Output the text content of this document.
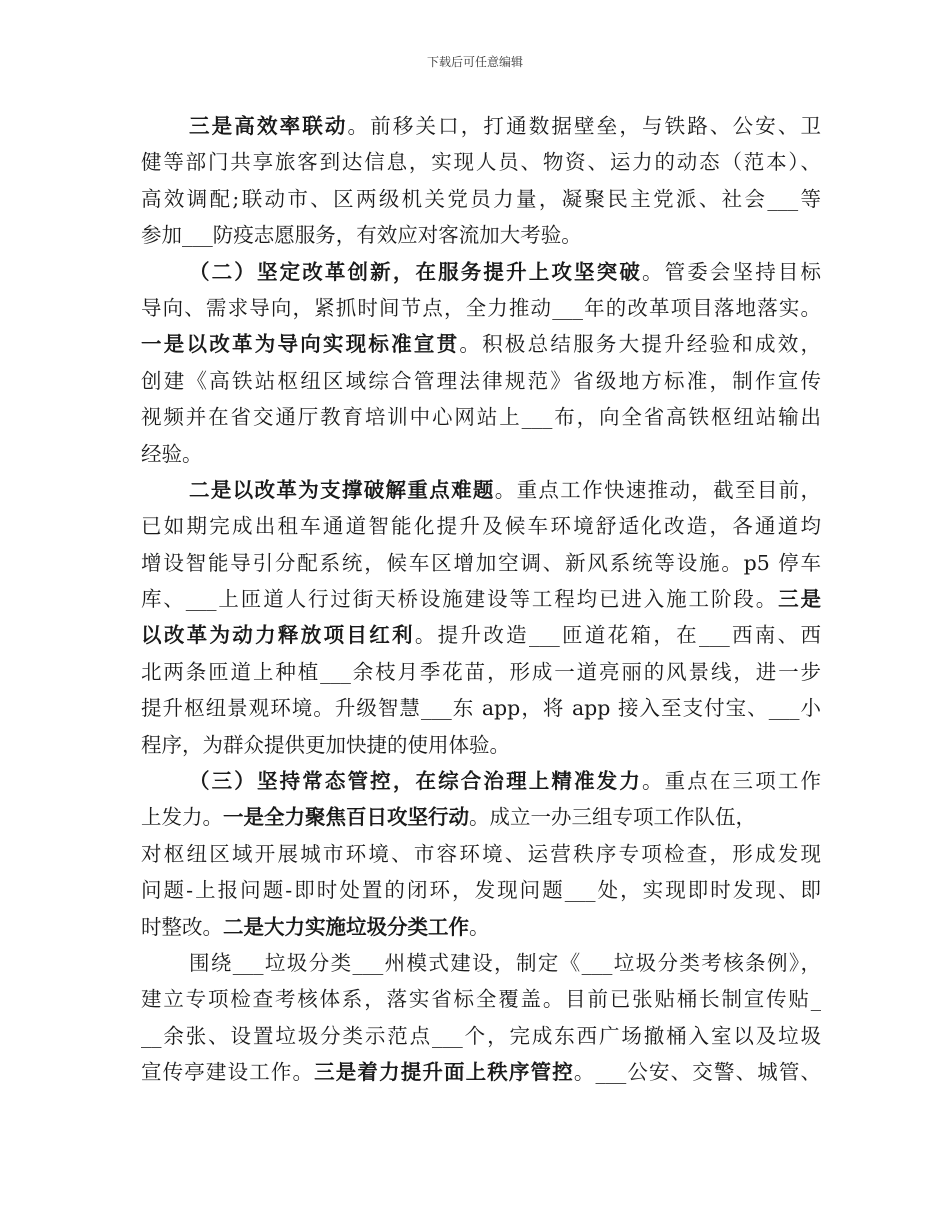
下载后可任意编辑
三是高效率联动。前移关口，打通数据壁垒，与铁路、公安、卫
健等部门共享旅客到达信息，实现人员、物资、运力的动态（范本）、
高效调配;联动市、区两级机关党员力量，凝聚民主党派、社会___等
参加___防疫志愿服务，有效应对客流加大考验。
（二）坚定改革创新，在服务提升上攻坚突破。管委会坚持目标
导向、需求导向，紧抓时间节点，全力推动___年的改革项目落地落实。
一是以改革为导向实现标准宣贯。积极总结服务大提升经验和成效，
创建《高铁站枢纽区域综合管理法律规范》省级地方标准，制作宣传
视频并在省交通厅教育培训中心网站上___布，向全省高铁枢纽站输出
经验。
二是以改革为支撑破解重点难题。重点工作快速推动，截至目前，
已如期完成出租车通道智能化提升及候车环境舒适化改造，各通道均
增设智能导引分配系统，候车区增加空调、新风系统等设施。p5 停车
库、___上匝道人行过街天桥设施建设等工程均已进入施工阶段。三是
以改革为动力释放项目红利。提升改造___匝道花箱，在___西南、西
北两条匝道上种植___余枝月季花苗，形成一道亮丽的风景线，进一步
提升枢纽景观环境。升级智慧___东 app，将 app 接入至支付宝、___小
程序，为群众提供更加快捷的使用体验。
（三）坚持常态管控，在综合治理上精准发力。重点在三项工作
上发力。一是全力聚焦百日攻坚行动。成立一办三组专项工作队伍，
对枢纽区域开展城市环境、市容环境、运营秩序专项检查，形成发现
问题-上报问题-即时处置的闭环，发现问题___处，实现即时发现、即
时整改。二是大力实施垃圾分类工作。
围绕___垃圾分类___州模式建设，制定《___垃圾分类考核条例》，
建立专项检查考核体系，落实省标全覆盖。目前已张贴桶长制宣传贴_
__余张、设置垃圾分类示范点___个，完成东西广场撤桶入室以及垃圾
宣传亭建设工作。三是着力提升面上秩序管控。___公安、交警、城管、
